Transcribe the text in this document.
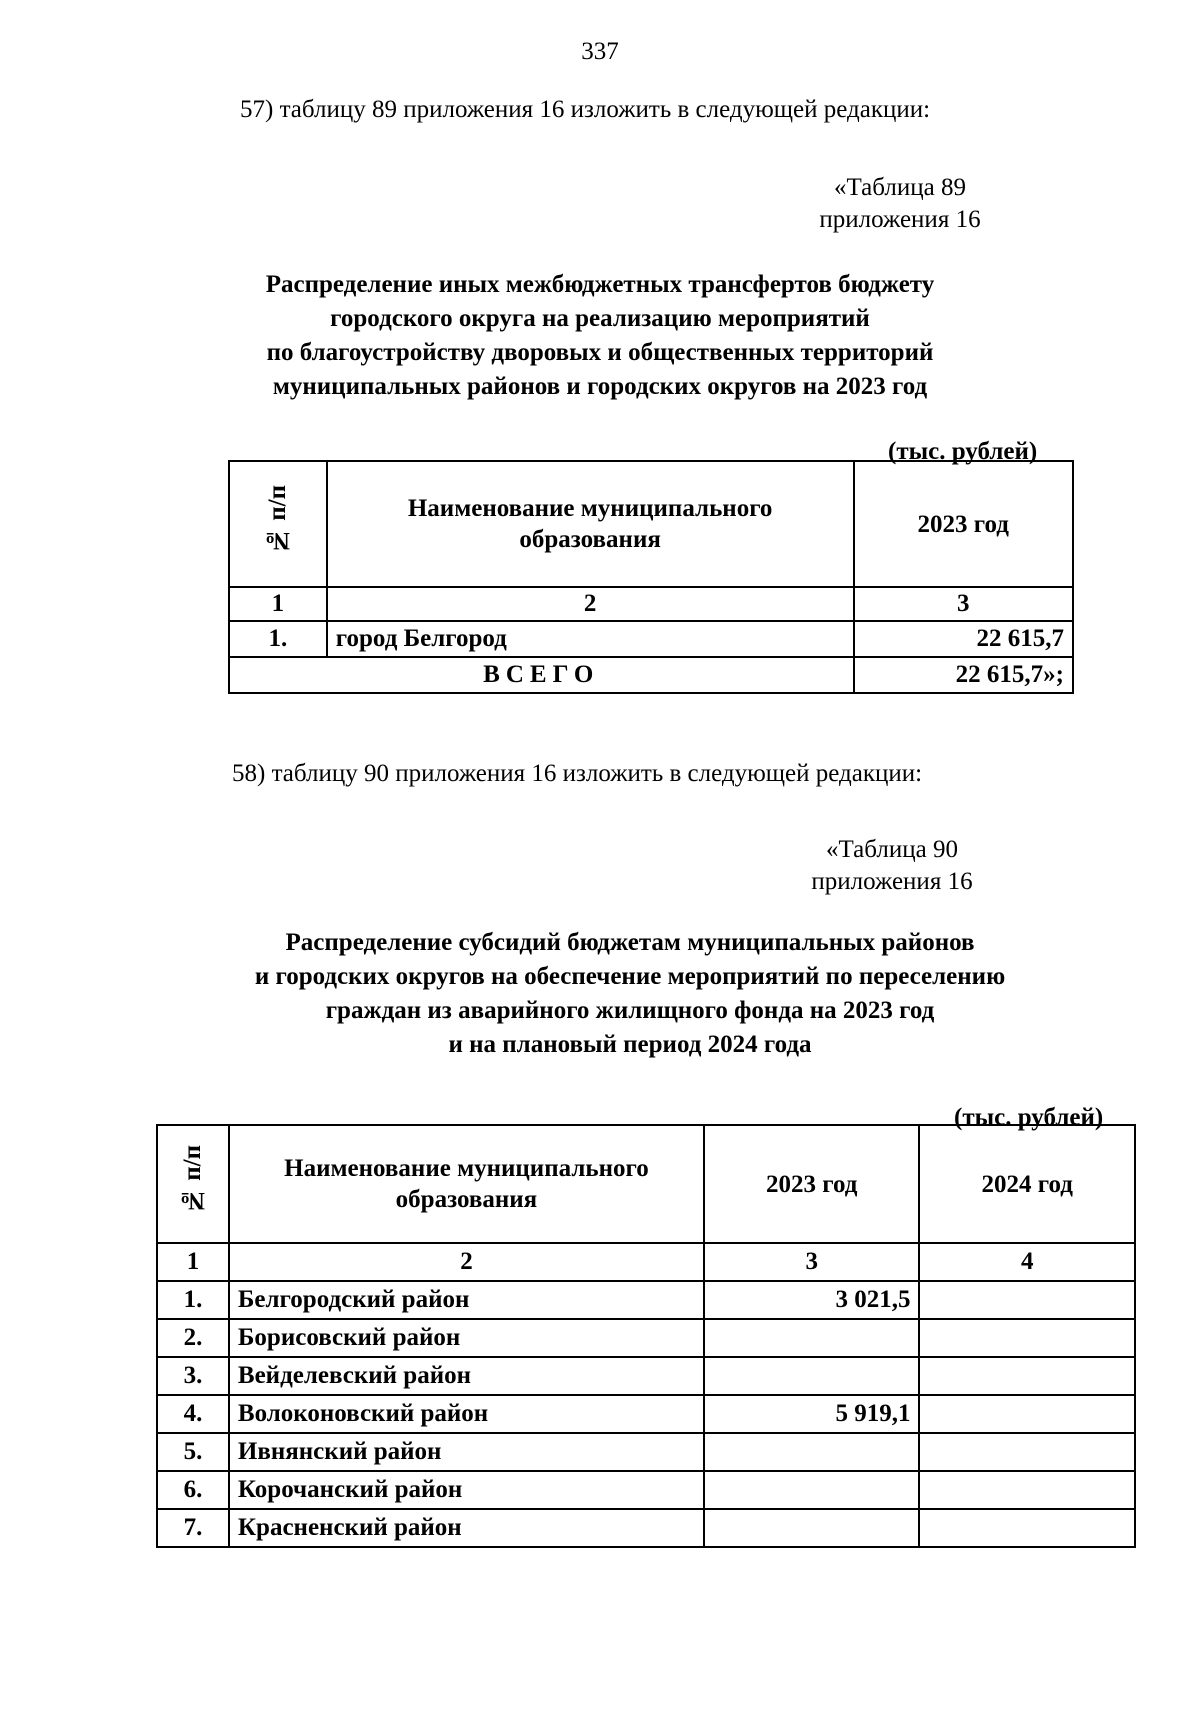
337
57) таблицу 89 приложения 16 изложить в следующей редакции:
«Таблица 89
приложения 16
Распределение иных межбюджетных трансфертов бюджету
городского округа на реализацию мероприятий
по благоустройству дворовых и общественных территорий
муниципальных районов и городских округов на 2023 год
(тыс. рублей)
№ п/п	Наименование муниципального образования	2023 год
1	2	3
1.	город Белгород	22 615,7
ВСЕГО		22 615,7»;
58) таблицу 90 приложения 16 изложить в следующей редакции:
«Таблица 90
приложения 16
Распределение субсидий бюджетам муниципальных районов
и городских округов на обеспечение мероприятий по переселению
граждан из аварийного жилищного фонда на 2023 год
и на плановый период 2024 года
(тыс. рублей)
№ п/п	Наименование муниципального образования	2023 год	2024 год
1	2	3	4
1.	Белгородский район	3 021,5	
2.	Борисовский район		
3.	Вейделевский район		
4.	Волоконовский район	5 919,1	
5.	Ивнянский район		
6.	Корочанский район		
7.	Красненский район		
